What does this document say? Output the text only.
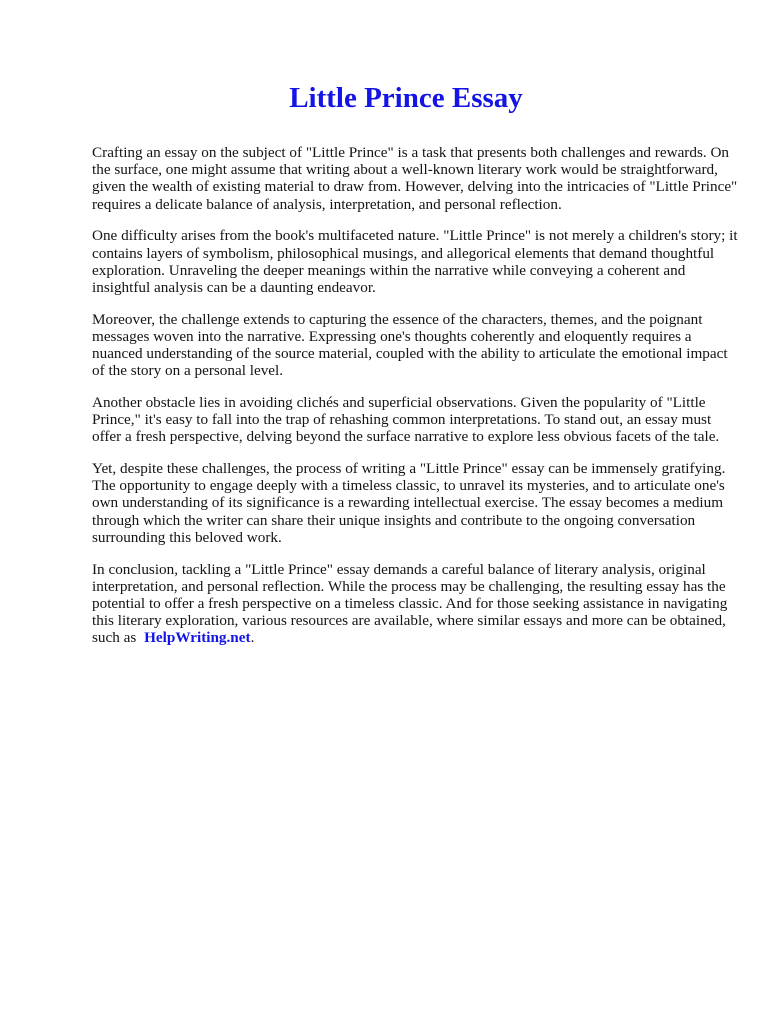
Little Prince Essay

Crafting an essay on the subject of "Little Prince" is a task that presents both challenges and rewards. On the surface, one might assume that writing about a well-known literary work would be straightforward, given the wealth of existing material to draw from. However, delving into the intricacies of "Little Prince" requires a delicate balance of analysis, interpretation, and personal reflection.

One difficulty arises from the book's multifaceted nature. "Little Prince" is not merely a children's story; it contains layers of symbolism, philosophical musings, and allegorical elements that demand thoughtful exploration. Unraveling the deeper meanings within the narrative while conveying a coherent and insightful analysis can be a daunting endeavor.

Moreover, the challenge extends to capturing the essence of the characters, themes, and the poignant messages woven into the narrative. Expressing one's thoughts coherently and eloquently requires a nuanced understanding of the source material, coupled with the ability to articulate the emotional impact of the story on a personal level.

Another obstacle lies in avoiding clichés and superficial observations. Given the popularity of "Little Prince," it's easy to fall into the trap of rehashing common interpretations. To stand out, an essay must offer a fresh perspective, delving beyond the surface narrative to explore less obvious facets of the tale.

Yet, despite these challenges, the process of writing a "Little Prince" essay can be immensely gratifying. The opportunity to engage deeply with a timeless classic, to unravel its mysteries, and to articulate one's own understanding of its significance is a rewarding intellectual exercise. The essay becomes a medium through which the writer can share their unique insights and contribute to the ongoing conversation surrounding this beloved work.

In conclusion, tackling a "Little Prince" essay demands a careful balance of literary analysis, original interpretation, and personal reflection. While the process may be challenging, the resulting essay has the potential to offer a fresh perspective on a timeless classic. And for those seeking assistance in navigating this literary exploration, various resources are available, where similar essays and more can be obtained, such as HelpWriting.net.
